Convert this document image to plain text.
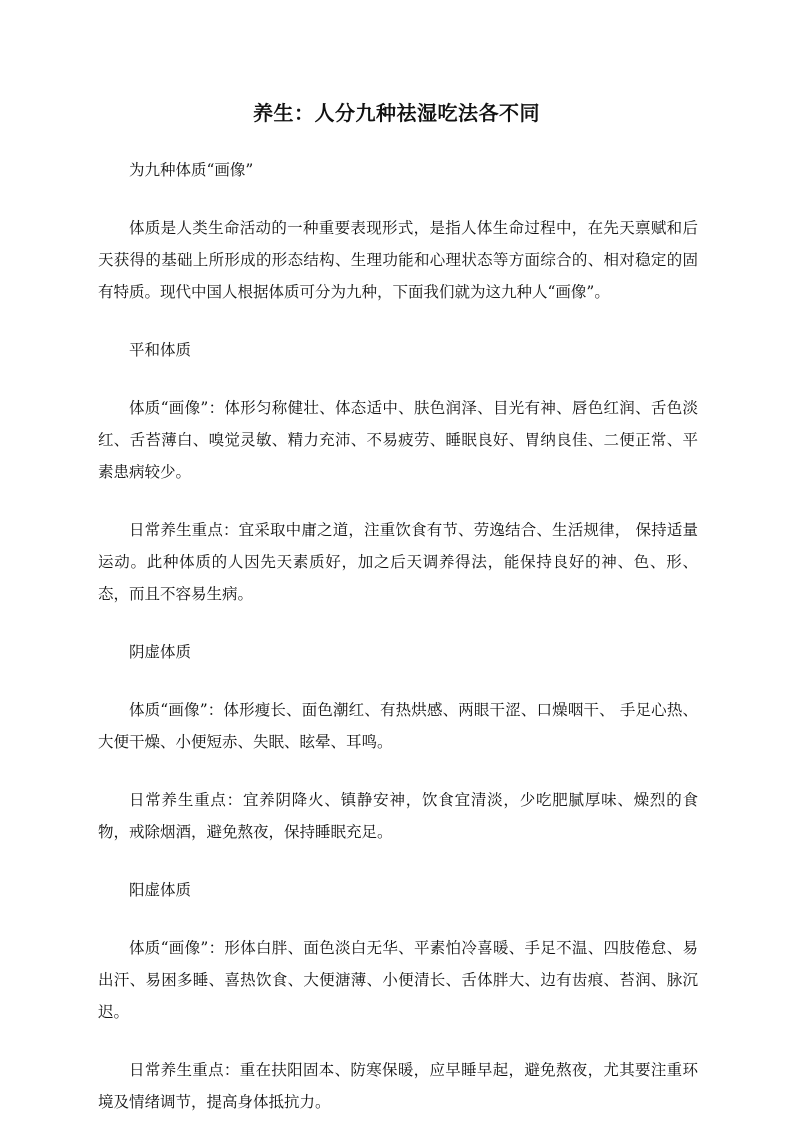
养生：人分九种祛湿吃法各不同

为九种体质“画像”

体质是人类生命活动的一种重要表现形式，是指人体生命过程中，在先天禀赋和后天获得的基础上所形成的形态结构、生理功能和心理状态等方面综合的、相对稳定的固有特质。现代中国人根据体质可分为九种，下面我们就为这九种人“画像”。

平和体质

体质“画像”：体形匀称健壮、体态适中、肤色润泽、目光有神、唇色红润、舌色淡红、舌苔薄白、嗅觉灵敏、精力充沛、不易疲劳、睡眠良好、胃纳良佳、二便正常、平素患病较少。

日常养生重点：宜采取中庸之道，注重饮食有节、劳逸结合、生活规律， 保持适量运动。此种体质的人因先天素质好，加之后天调养得法，能保持良好的神、色、形、态，而且不容易生病。

阴虚体质

体质“画像”：体形瘦长、面色潮红、有热烘感、两眼干涩、口燥咽干、 手足心热、大便干燥、小便短赤、失眠、眩晕、耳鸣。

日常养生重点：宜养阴降火、镇静安神，饮食宜清淡，少吃肥腻厚味、燥烈的食物，戒除烟酒，避免熬夜，保持睡眠充足。

阳虚体质

体质“画像”：形体白胖、面色淡白无华、平素怕冷喜暖、手足不温、四肢倦怠、易出汗、易困多睡、喜热饮食、大便溏薄、小便清长、舌体胖大、边有齿痕、苔润、脉沉迟。

日常养生重点：重在扶阳固本、防寒保暖，应早睡早起，避免熬夜，尤其要注重环境及情绪调节，提高身体抵抗力。
